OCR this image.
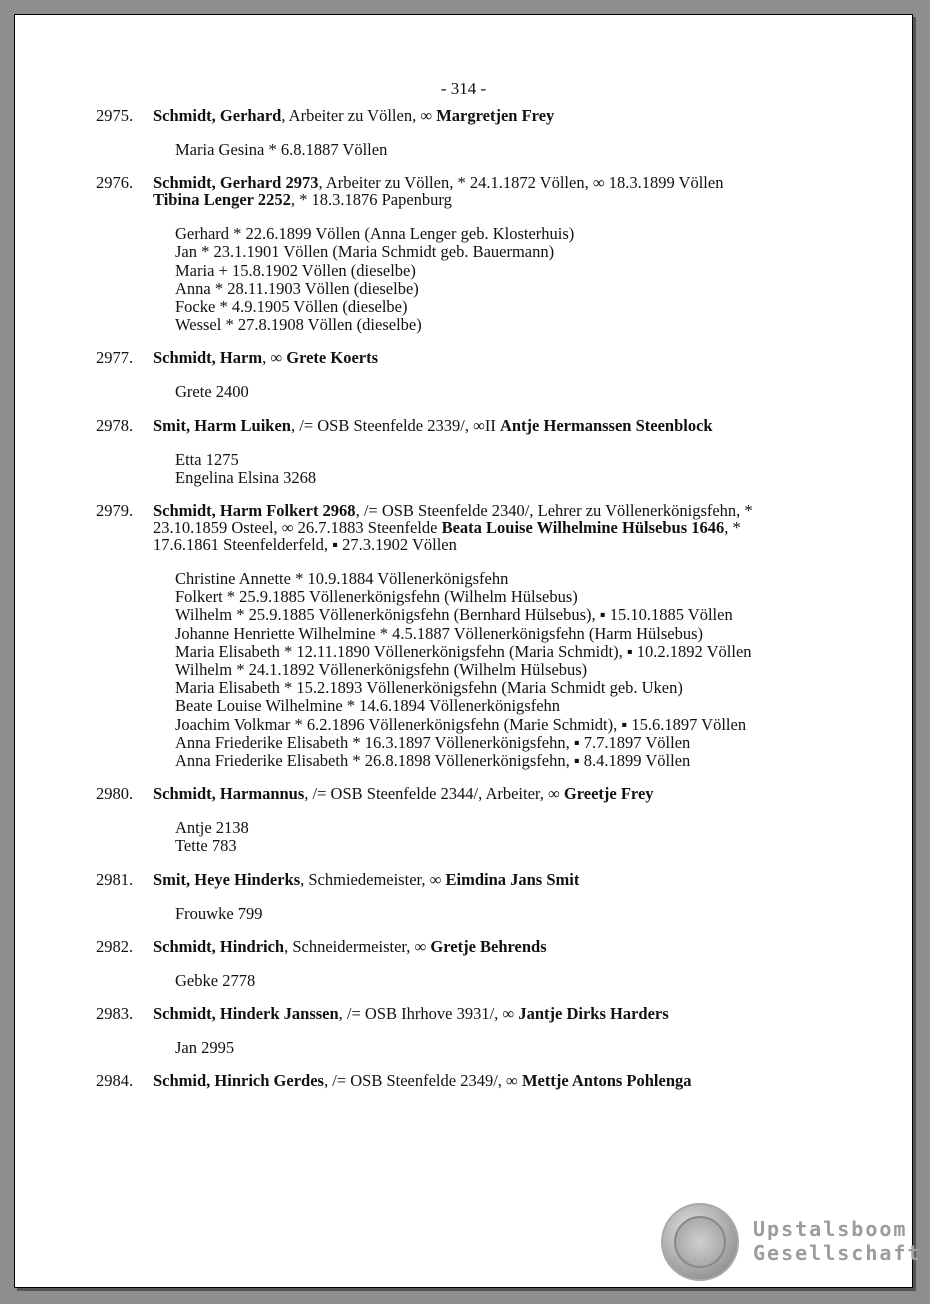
- 314 -
2975. Schmidt, Gerhard, Arbeiter zu Völlen, ∞ Margretjen Frey
Maria Gesina * 6.8.1887 Völlen
2976. Schmidt, Gerhard 2973, Arbeiter zu Völlen, * 24.1.1872 Völlen, ∞ 18.3.1899 Völlen
Tibina Lenger 2252, * 18.3.1876 Papenburg
Gerhard * 22.6.1899 Völlen (Anna Lenger geb. Klosterhuis)
Jan * 23.1.1901 Völlen (Maria Schmidt geb. Bauermann)
Maria + 15.8.1902 Völlen (dieselbe)
Anna * 28.11.1903 Völlen (dieselbe)
Focke * 4.9.1905 Völlen (dieselbe)
Wessel * 27.8.1908 Völlen (dieselbe)
2977. Schmidt, Harm, ∞ Grete Koerts
Grete 2400
2978. Smit, Harm Luiken, /= OSB Steenfelde 2339/, ∞II Antje Hermanssen Steenblock
Etta 1275
Engelina Elsina 3268
2979. Schmidt, Harm Folkert 2968, /= OSB Steenfelde 2340/, Lehrer zu Völlenerkönigsfehn, *
23.10.1859 Osteel, ∞ 26.7.1883 Steenfelde Beata Louise Wilhelmine Hülsebus 1646, *
17.6.1861 Steenfelderfeld, ▪ 27.3.1902 Völlen
Christine Annette * 10.9.1884 Völlenerkönigsfehn
Folkert * 25.9.1885 Völlenerkönigsfehn (Wilhelm Hülsebus)
Wilhelm * 25.9.1885 Völlenerkönigsfehn (Bernhard Hülsebus), ▪ 15.10.1885 Völlen
Johanne Henriette Wilhelmine * 4.5.1887 Völlenerkönigsfehn (Harm Hülsebus)
Maria Elisabeth * 12.11.1890 Völlenerkönigsfehn (Maria Schmidt), ▪ 10.2.1892 Völlen
Wilhelm * 24.1.1892 Völlenerkönigsfehn (Wilhelm Hülsebus)
Maria Elisabeth * 15.2.1893 Völlenerkönigsfehn (Maria Schmidt geb. Uken)
Beate Louise Wilhelmine * 14.6.1894 Völlenerkönigsfehn
Joachim Volkmar * 6.2.1896 Völlenerkönigsfehn (Marie Schmidt), ▪ 15.6.1897 Völlen
Anna Friederike Elisabeth * 16.3.1897 Völlenerkönigsfehn, ▪ 7.7.1897 Völlen
Anna Friederike Elisabeth * 26.8.1898 Völlenerkönigsfehn, ▪ 8.4.1899 Völlen
2980. Schmidt, Harmannus, /= OSB Steenfelde 2344/, Arbeiter, ∞ Greetje Frey
Antje 2138
Tette 783
2981. Smit, Heye Hinderks, Schmiedemeister, ∞ Eimdina Jans Smit
Frouwke 799
2982. Schmidt, Hindrich, Schneidermeister, ∞ Gretje Behrends
Gebke 2778
2983. Schmidt, Hinderk Janssen, /= OSB Ihrhove 3931/, ∞ Jantje Dirks Harders
Jan 2995
2984. Schmid, Hinrich Gerdes, /= OSB Steenfelde 2349/, ∞ Mettje Antons Pohlenga
Upstalsboom
Gesellschaft
